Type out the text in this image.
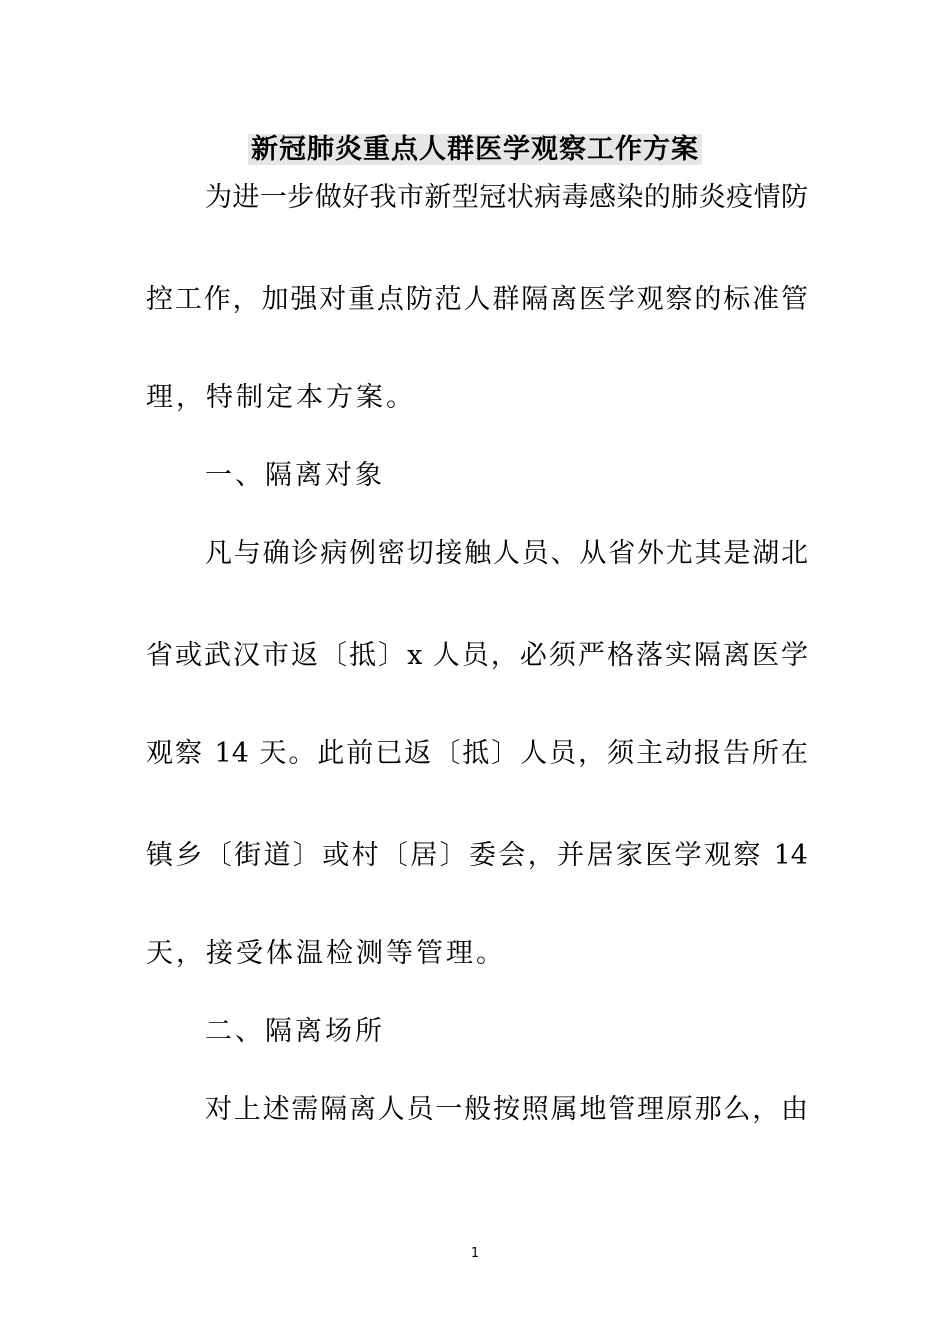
新冠肺炎重点人群医学观察工作方案
为进一步做好我市新型冠状病毒感染的肺炎疫情防
控工作，加强对重点防范人群隔离医学观察的标准管
理，特制定本方案。
一、隔离对象
凡与确诊病例密切接触人员、从省外尤其是湖北
省或武汉市返〔抵〕x 人员，必须严格落实隔离医学
观察 14 天。此前已返〔抵〕人员，须主动报告所在
镇乡〔街道〕或村〔居〕委会，并居家医学观察 14
天，接受体温检测等管理。
二、隔离场所
对上述需隔离人员一般按照属地管理原那么，由
1
